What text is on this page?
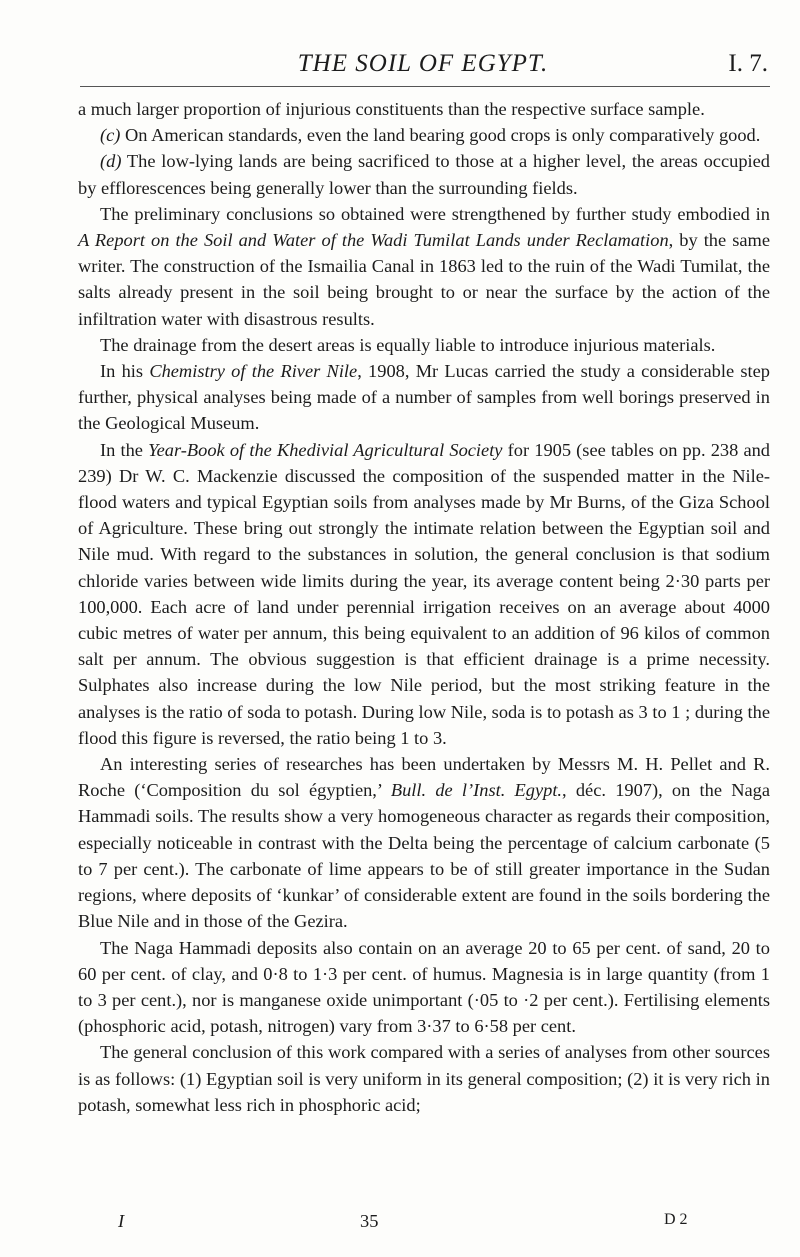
THE SOIL OF EGYPT.	I. 7.

a much larger proportion of injurious constituents than the respective surface sample.

(c) On American standards, even the land bearing good crops is only comparatively good.

(d) The low-lying lands are being sacrificed to those at a higher level, the areas occupied by efflorescences being generally lower than the surrounding fields.

The preliminary conclusions so obtained were strengthened by further study embodied in A Report on the Soil and Water of the Wadi Tumilat Lands under Reclamation, by the same writer. The construction of the Ismailia Canal in 1863 led to the ruin of the Wadi Tumilat, the salts already present in the soil being brought to or near the surface by the action of the infiltration water with disastrous results.

The drainage from the desert areas is equally liable to introduce injurious materials.

In his Chemistry of the River Nile, 1908, Mr Lucas carried the study a considerable step further, physical analyses being made of a number of samples from well borings preserved in the Geological Museum.

In the Year-Book of the Khedivial Agricultural Society for 1905 (see tables on pp. 238 and 239) Dr W. C. Mackenzie discussed the composition of the suspended matter in the Nile-flood waters and typical Egyptian soils from analyses made by Mr Burns, of the Giza School of Agriculture. These bring out strongly the intimate relation between the Egyptian soil and Nile mud. With regard to the substances in solution, the general conclusion is that sodium chloride varies between wide limits during the year, its average content being 2·30 parts per 100,000. Each acre of land under perennial irrigation receives on an average about 4000 cubic metres of water per annum, this being equivalent to an addition of 96 kilos of common salt per annum. The obvious suggestion is that efficient drainage is a prime necessity. Sulphates also increase during the low Nile period, but the most striking feature in the analyses is the ratio of soda to potash. During low Nile, soda is to potash as 3 to 1 ; during the flood this figure is reversed, the ratio being 1 to 3.

An interesting series of researches has been undertaken by Messrs M. H. Pellet and R. Roche (‘Composition du sol égyptien,’ Bull. de l’Inst. Egypt., déc. 1907), on the Naga Hammadi soils. The results show a very homogeneous character as regards their composition, especially noticeable in contrast with the Delta being the percentage of calcium carbonate (5 to 7 per cent.). The carbonate of lime appears to be of still greater importance in the Sudan regions, where deposits of ‘kunkar’ of considerable extent are found in the soils bordering the Blue Nile and in those of the Gezira.

The Naga Hammadi deposits also contain on an average 20 to 65 per cent. of sand, 20 to 60 per cent. of clay, and 0·8 to 1·3 per cent. of humus. Magnesia is in large quantity (from 1 to 3 per cent.), nor is manganese oxide unimportant (·05 to ·2 per cent.). Fertilising elements (phosphoric acid, potash, nitrogen) vary from 3·37 to 6·58 per cent.

The general conclusion of this work compared with a series of analyses from other sources is as follows: (1) Egyptian soil is very uniform in its general composition; (2) it is very rich in potash, somewhat less rich in phosphoric acid;

I	35	D 2
